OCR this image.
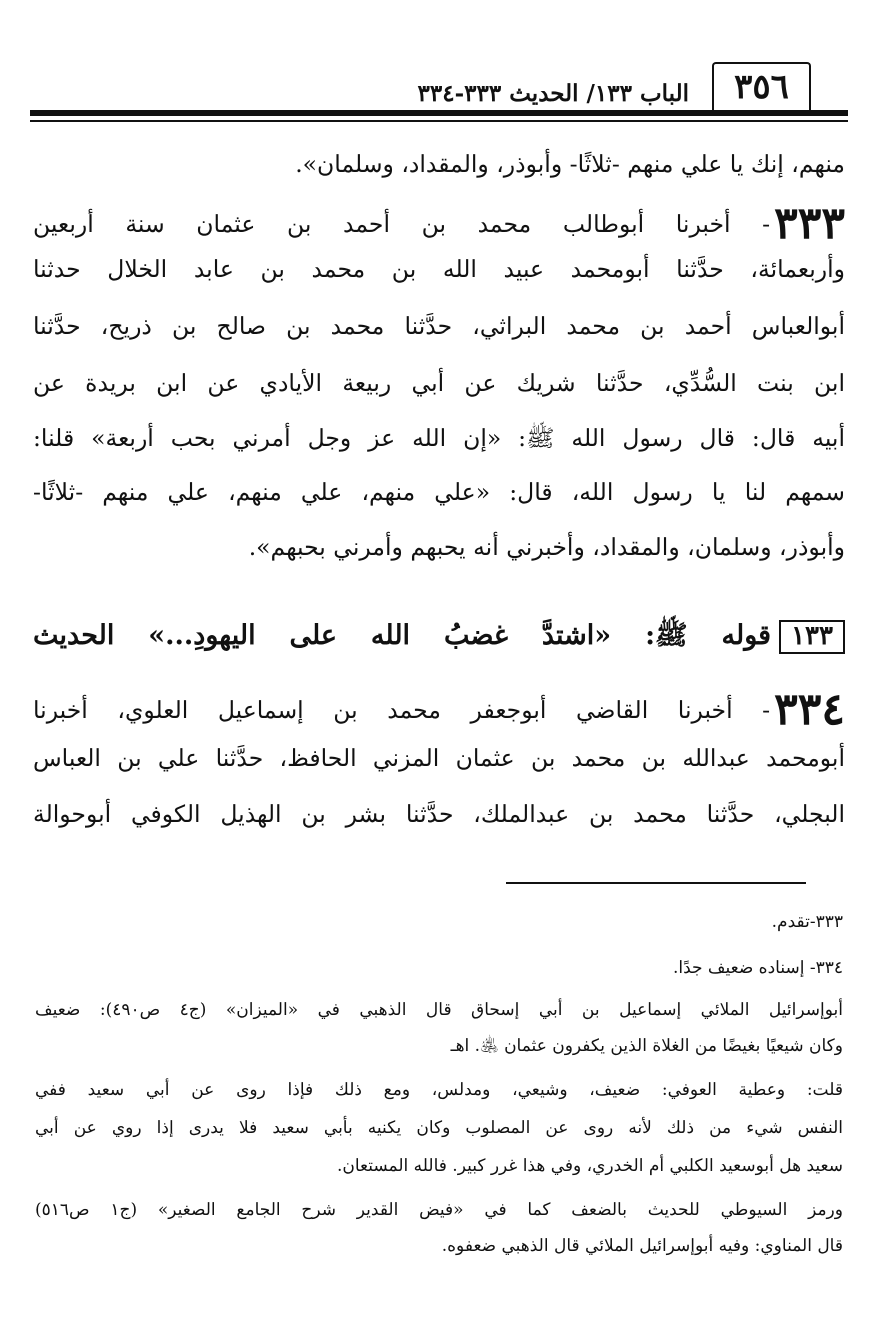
٣٥٦
الباب ١٣٣/ الحديث ٣٣٣-٣٣٤
منهم، إنك يا علي منهم -ثلاثًا- وأبوذر، والمقداد، وسلمان».
٣٣٣- أخبرنا أبوطالب محمد بن أحمد بن عثمان سنة أربعين
وأربعمائة، حدَّثنا أبومحمد عبيد الله بن محمد بن عابد الخلال حدثنا
أبوالعباس أحمد بن محمد البراثي، حدَّثنا محمد بن صالح بن ذريح، حدَّثنا
ابن بنت السُّدِّي، حدَّثنا شريك عن أبي ربيعة الأيادي عن ابن بريدة عن
أبيه قال: قال رسول الله ﷺ: «إن الله عز وجل أمرني بحب أربعة» قلنا:
سمهم لنا يا رسول الله، قال: «علي منهم، علي منهم، علي منهم -ثلاثًا-
وأبوذر، وسلمان، والمقداد، وأخبرني أنه يحبهم وأمرني بحبهم».
١٣٣قوله ﷺ: «اشتدَّ غضبُ الله على اليهودِ...» الحديث
٣٣٤- أخبرنا القاضي أبوجعفر محمد بن إسماعيل العلوي، أخبرنا
أبومحمد عبدالله بن محمد بن عثمان المزني الحافظ، حدَّثنا علي بن العباس
البجلي، حدَّثنا محمد بن عبدالملك، حدَّثنا بشر بن الهذيل الكوفي أبوحوالة
٣٣٣-تقدم.
٣٣٤- إسناده ضعيف جدًا.
أبوإسرائيل الملائي إسماعيل بن أبي إسحاق قال الذهبي في «الميزان» (ج٤ ص٤٩٠): ضعيف
وكان شيعيًا بغيضًا من الغلاة الذين يكفرون عثمان ﵁. اهـ
قلت: وعطية العوفي: ضعيف، وشيعي، ومدلس، ومع ذلك فإذا روى عن أبي سعيد ففي
النفس شيء من ذلك لأنه روى عن المصلوب وكان يكنيه بأبي سعيد فلا يدرى إذا روي عن أبي
سعيد هل أبوسعيد الكلبي أم الخدري، وفي هذا غرر كبير. فالله المستعان.
ورمز السيوطي للحديث بالضعف كما في «فيض القدير شرح الجامع الصغير» (ج١ ص٥١٦)
قال المناوي: وفيه أبوإسرائيل الملائي قال الذهبي ضعفوه.
